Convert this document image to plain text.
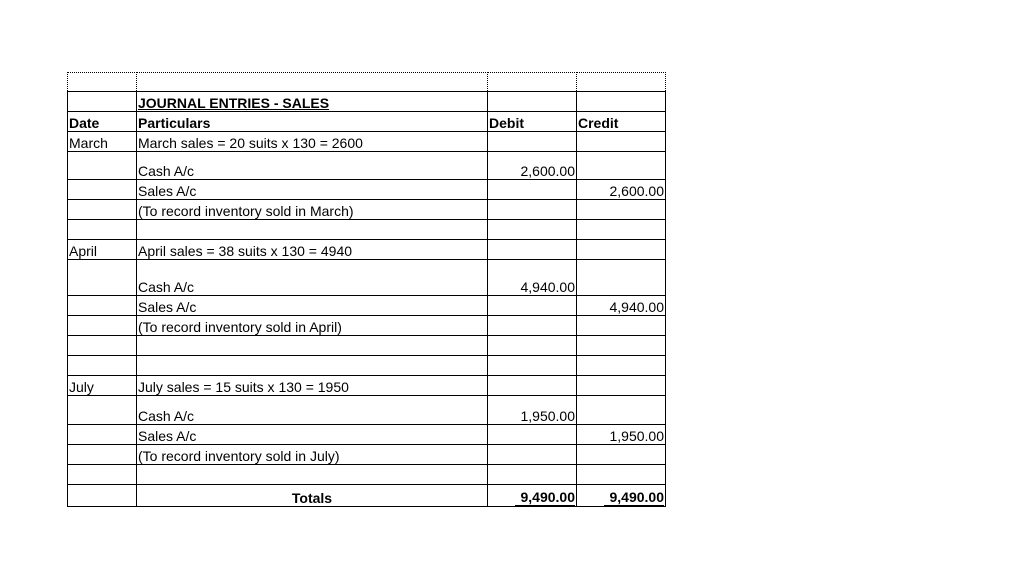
	JOURNAL ENTRIES - SALES		
Date	Particulars	Debit	Credit
March	March sales = 20 suits x 130 = 2600		
	Cash A/c	2,600.00	
	Sales A/c		2,600.00
	(To record inventory sold in March)		

April	April sales = 38 suits x 130 = 4940		
	Cash A/c	4,940.00	
	Sales A/c		4,940.00
	(To record inventory sold in April)		

July	July sales = 15 suits x 130 = 1950		
	Cash A/c	1,950.00	
	Sales A/c		1,950.00
	(To record inventory sold in July)		

	Totals	9,490.00	9,490.00
